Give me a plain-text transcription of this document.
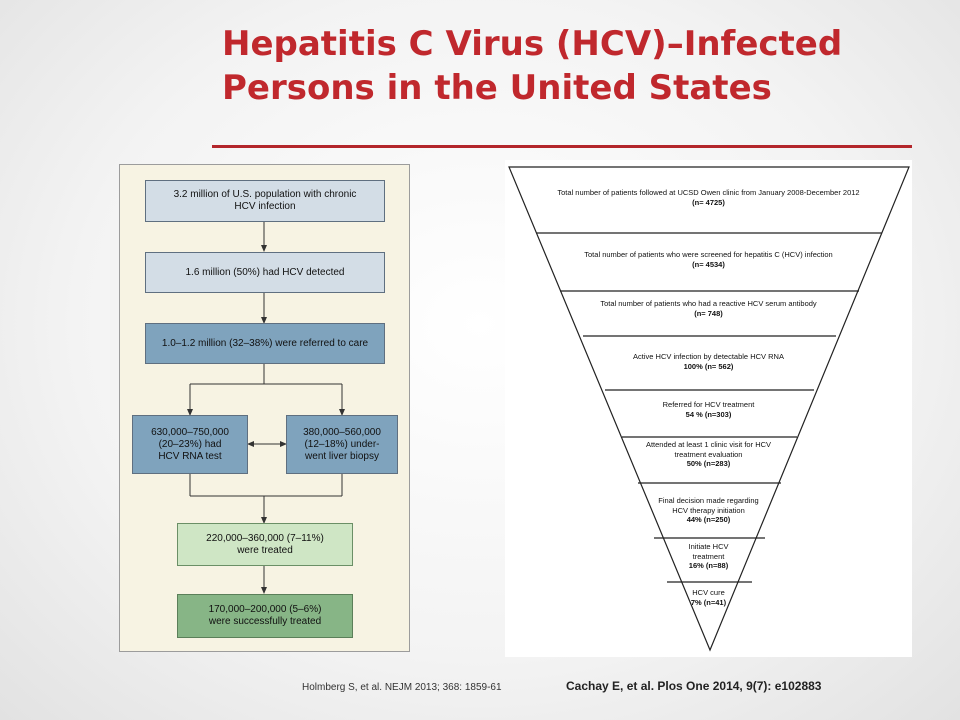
Hepatitis C Virus (HCV)–Infected
Persons in the United States
3.2 million of U.S. population with chronic
HCV infection
1.6 million (50%) had HCV detected
1.0–1.2 million (32–38%) were referred to care
630,000–750,000
(20–23%) had
HCV RNA test
380,000–560,000
(12–18%) under-
went liver biopsy
220,000–360,000 (7–11%)
were treated
170,000–200,000 (5–6%)
were successfully treated
Total number of patients followed at UCSD Owen clinic from January 2008-December 2012
(n= 4725)
Total number of patients who were screened for hepatitis C (HCV) infection
(n= 4534)
Total number of patients who had a reactive HCV serum antibody
(n= 748)
Active HCV infection by detectable HCV RNA
100% (n= 562)
Referred for HCV treatment
54 % (n=303)
Attended at least 1 clinic visit for HCV
treatment evaluation
50% (n=283)
Final decision made regarding
HCV therapy initiation
44% (n=250)
Initiate HCV
treatment
16% (n=88)
HCV cure
7% (n=41)
Holmberg S, et al. NEJM 2013; 368: 1859-61	Cachay E, et al. Plos One 2014, 9(7): e102883
